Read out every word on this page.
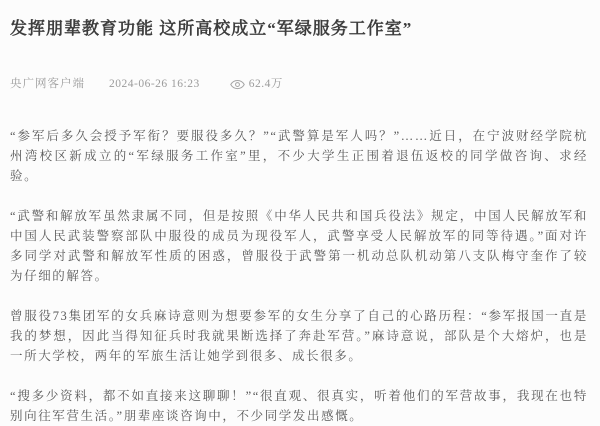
发挥朋辈教育功能 这所高校成立“军绿服务工作室”
央广网客户端 2024-06-26 16:23	62.4万

“参军后多久会授予军衔？要服役多久？”“武警算是军人吗？”……近日，在宁波财经学院杭州湾校区新成立的“军绿服务工作室”里，不少大学生正围着退伍返校的同学做咨询、求经验。

“武警和解放军虽然隶属不同，但是按照《中华人民共和国兵役法》规定，中国人民解放军和中国人民武装警察部队中服役的成员为现役军人，武警享受人民解放军的同等待遇。”面对许多同学对武警和解放军性质的困惑，曾服役于武警第一机动总队机动第八支队梅守奎作了较为仔细的解答。

曾服役73集团军的女兵麻诗意则为想要参军的女生分享了自己的心路历程：“参军报国一直是我的梦想，因此当得知征兵时我就果断选择了奔赴军营。”麻诗意说，部队是个大熔炉，也是一所大学校，两年的军旅生活让她学到很多、成长很多。

“搜多少资料，都不如直接来这聊聊！”“很直观、很真实，听着他们的军营故事，我现在也特别向往军营生活。”朋辈座谈咨询中，不少同学发出感慨。
